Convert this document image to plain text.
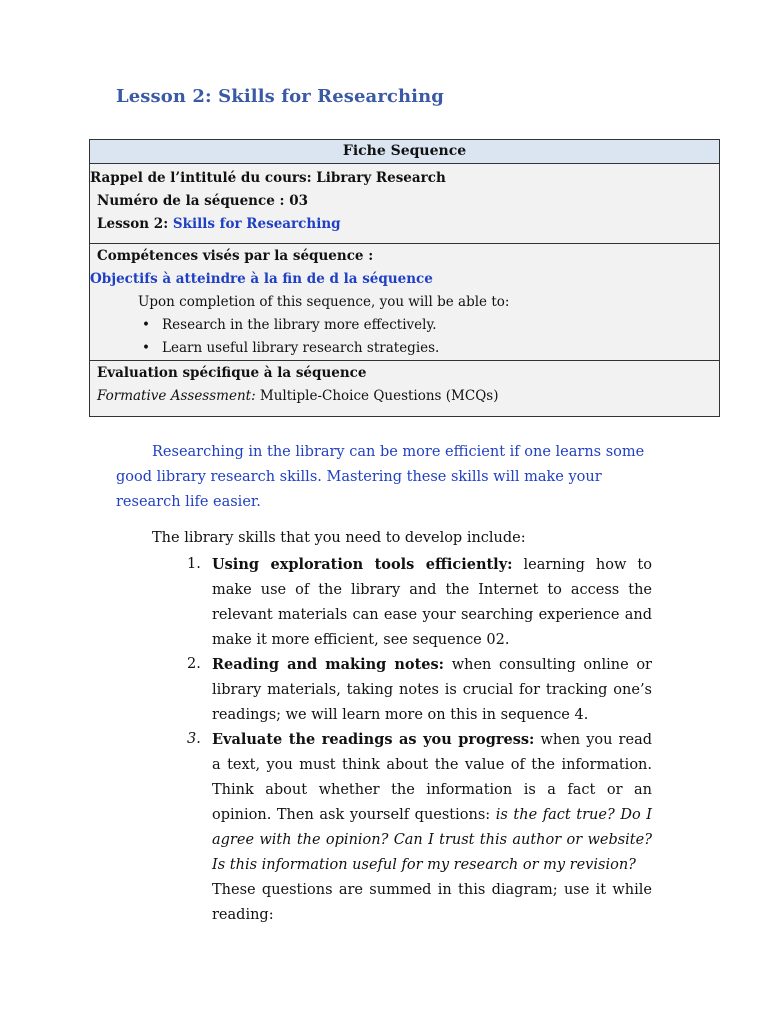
Lesson 2: Skills for Researching
Fiche Sequence
Rappel de l’intitulé du cours: Library Research
Numéro de la séquence : 03
Lesson 2: Skills for Researching
Compétences visés par la séquence :
Objectifs à atteindre à la fin de d la séquence
Upon completion of this sequence, you will be able to:
• Research in the library more effectively.
• Learn useful library research strategies.
Evaluation spécifique à la séquence
Formative Assessment: Multiple-Choice Questions (MCQs)
Researching in the library can be more efficient if one learns some good library research skills. Mastering these skills will make your research life easier.
The library skills that you need to develop include:
1. Using exploration tools efficiently: learning how to make use of the library and the Internet to access the relevant materials can ease your searching experience and make it more efficient, see sequence 02.
2. Reading and making notes: when consulting online or library materials, taking notes is crucial for tracking one’s readings; we will learn more on this in sequence 4.
3. Evaluate the readings as you progress: when you read a text, you must think about the value of the information. Think about whether the information is a fact or an opinion. Then ask yourself questions: is the fact true? Do I agree with the opinion? Can I trust this author or website? Is this information useful for my research or my revision?
These questions are summed in this diagram; use it while reading:
